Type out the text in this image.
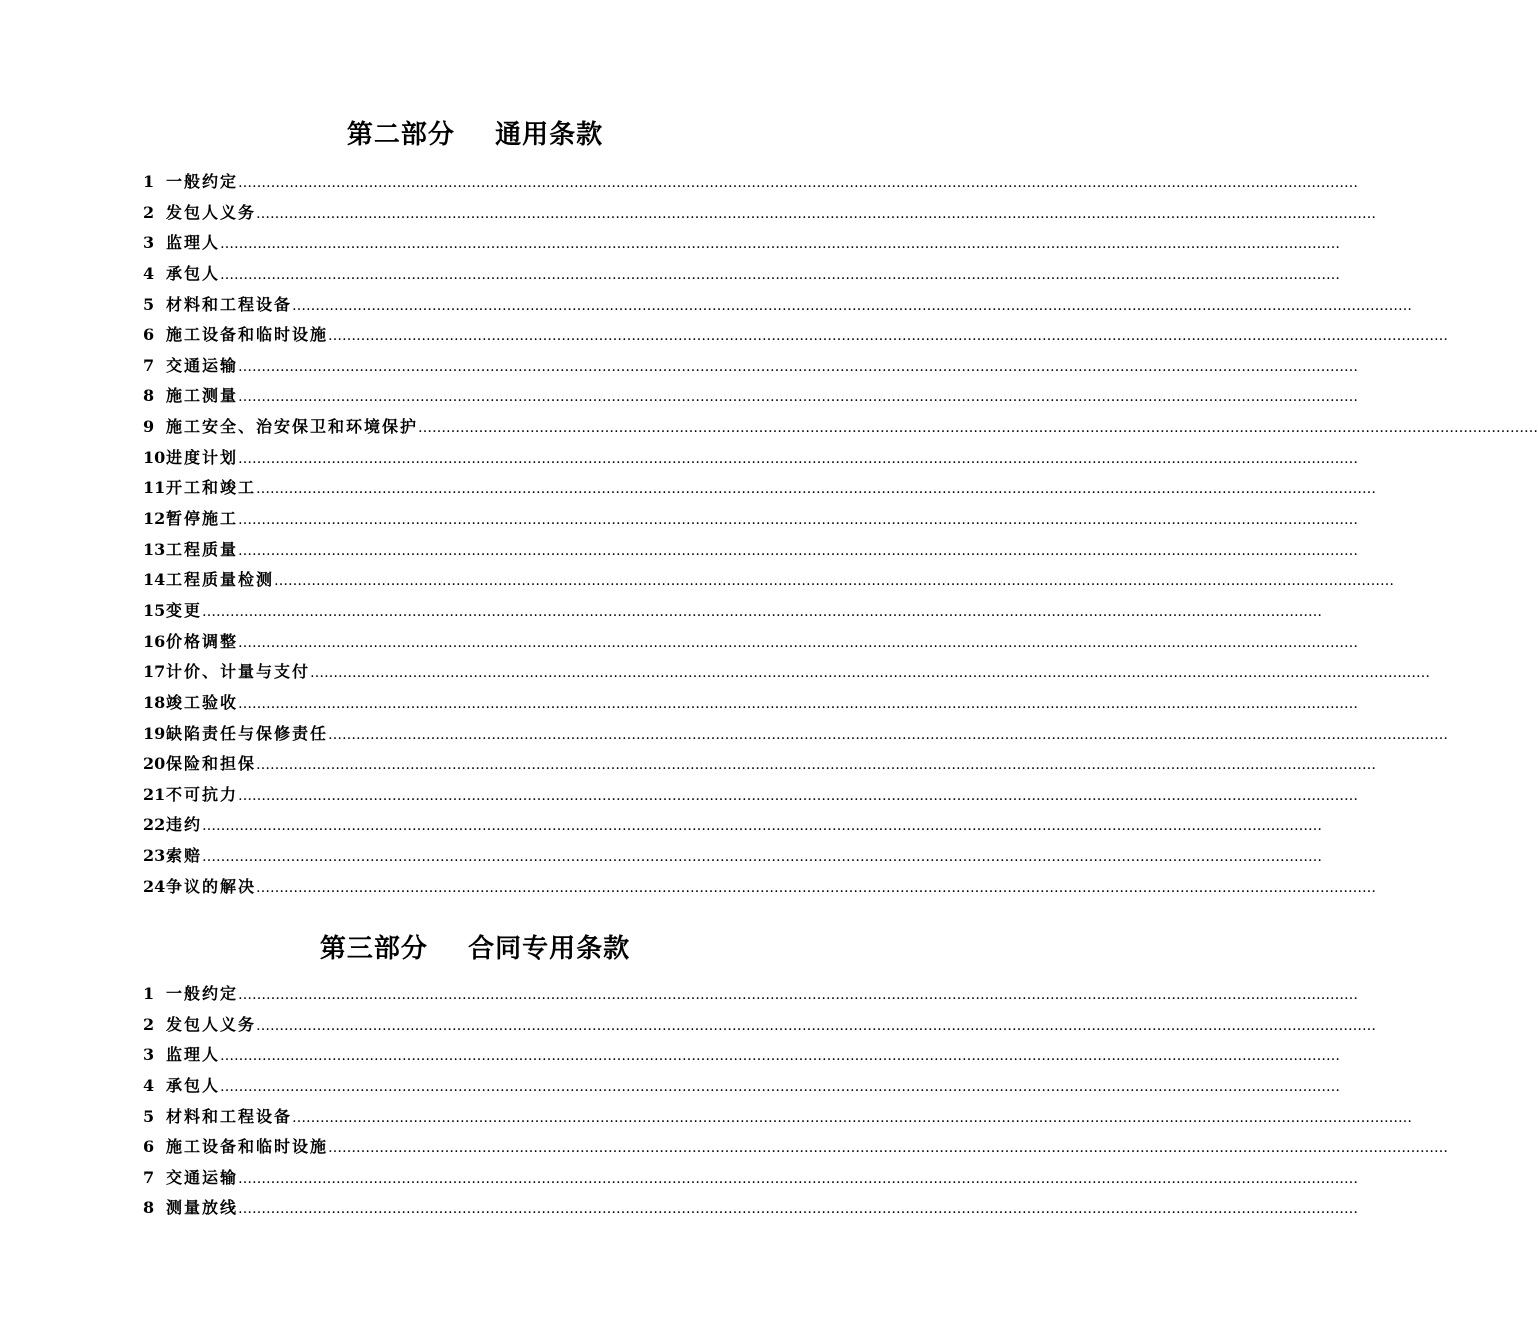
第二部分    通用条款
1 一般约定 ……………………………………………………………………………………………………………………………………………………………………………………………………………………
2 发包人义务 ……………………………………………………………………………………………………………………………………………………………………………………………………………………
3 监理人 ……………………………………………………………………………………………………………………………………………………………………………………………………………………
4 承包人 ……………………………………………………………………………………………………………………………………………………………………………………………………………………
5 材料和工程设备 ……………………………………………………………………………………………………………………………………………………………………………………………………………………
6 施工设备和临时设施 ……………………………………………………………………………………………………………………………………………………………………………………………………………………
7 交通运输 ……………………………………………………………………………………………………………………………………………………………………………………………………………………
8 施工测量 ……………………………………………………………………………………………………………………………………………………………………………………………………………………
9 施工安全、治安保卫和环境保护 ……………………………………………………………………………………………………………………………………………………………………………………………………………………
10 进度计划 ……………………………………………………………………………………………………………………………………………………………………………………………………………………
11 开工和竣工 ……………………………………………………………………………………………………………………………………………………………………………………………………………………
12 暂停施工 ……………………………………………………………………………………………………………………………………………………………………………………………………………………
13 工程质量 ……………………………………………………………………………………………………………………………………………………………………………………………………………………
14 工程质量检测 ……………………………………………………………………………………………………………………………………………………………………………………………………………………
15 变更 ……………………………………………………………………………………………………………………………………………………………………………………………………………………
16 价格调整 ……………………………………………………………………………………………………………………………………………………………………………………………………………………
17 计价、计量与支付 ……………………………………………………………………………………………………………………………………………………………………………………………………………………
18 竣工验收 ……………………………………………………………………………………………………………………………………………………………………………………………………………………
19 缺陷责任与保修责任 ……………………………………………………………………………………………………………………………………………………………………………………………………………………
20 保险和担保 ……………………………………………………………………………………………………………………………………………………………………………………………………………………
21 不可抗力 ……………………………………………………………………………………………………………………………………………………………………………………………………………………
22 违约 ……………………………………………………………………………………………………………………………………………………………………………………………………………………
23 索赔 ……………………………………………………………………………………………………………………………………………………………………………………………………………………
24 争议的解决 ……………………………………………………………………………………………………………………………………………………………………………………………………………………
第三部分    合同专用条款
1 一般约定 ……………………………………………………………………………………………………………………………………………………………………………………………………………………
2 发包人义务 ……………………………………………………………………………………………………………………………………………………………………………………………………………………
3 监理人 ……………………………………………………………………………………………………………………………………………………………………………………………………………………
4 承包人 ……………………………………………………………………………………………………………………………………………………………………………………………………………………
5 材料和工程设备 ……………………………………………………………………………………………………………………………………………………………………………………………………………………
6 施工设备和临时设施 ……………………………………………………………………………………………………………………………………………………………………………………………………………………
7 交通运输 ……………………………………………………………………………………………………………………………………………………………………………………………………………………
8 测量放线 ……………………………………………………………………………………………………………………………………………………………………………………………………………………
